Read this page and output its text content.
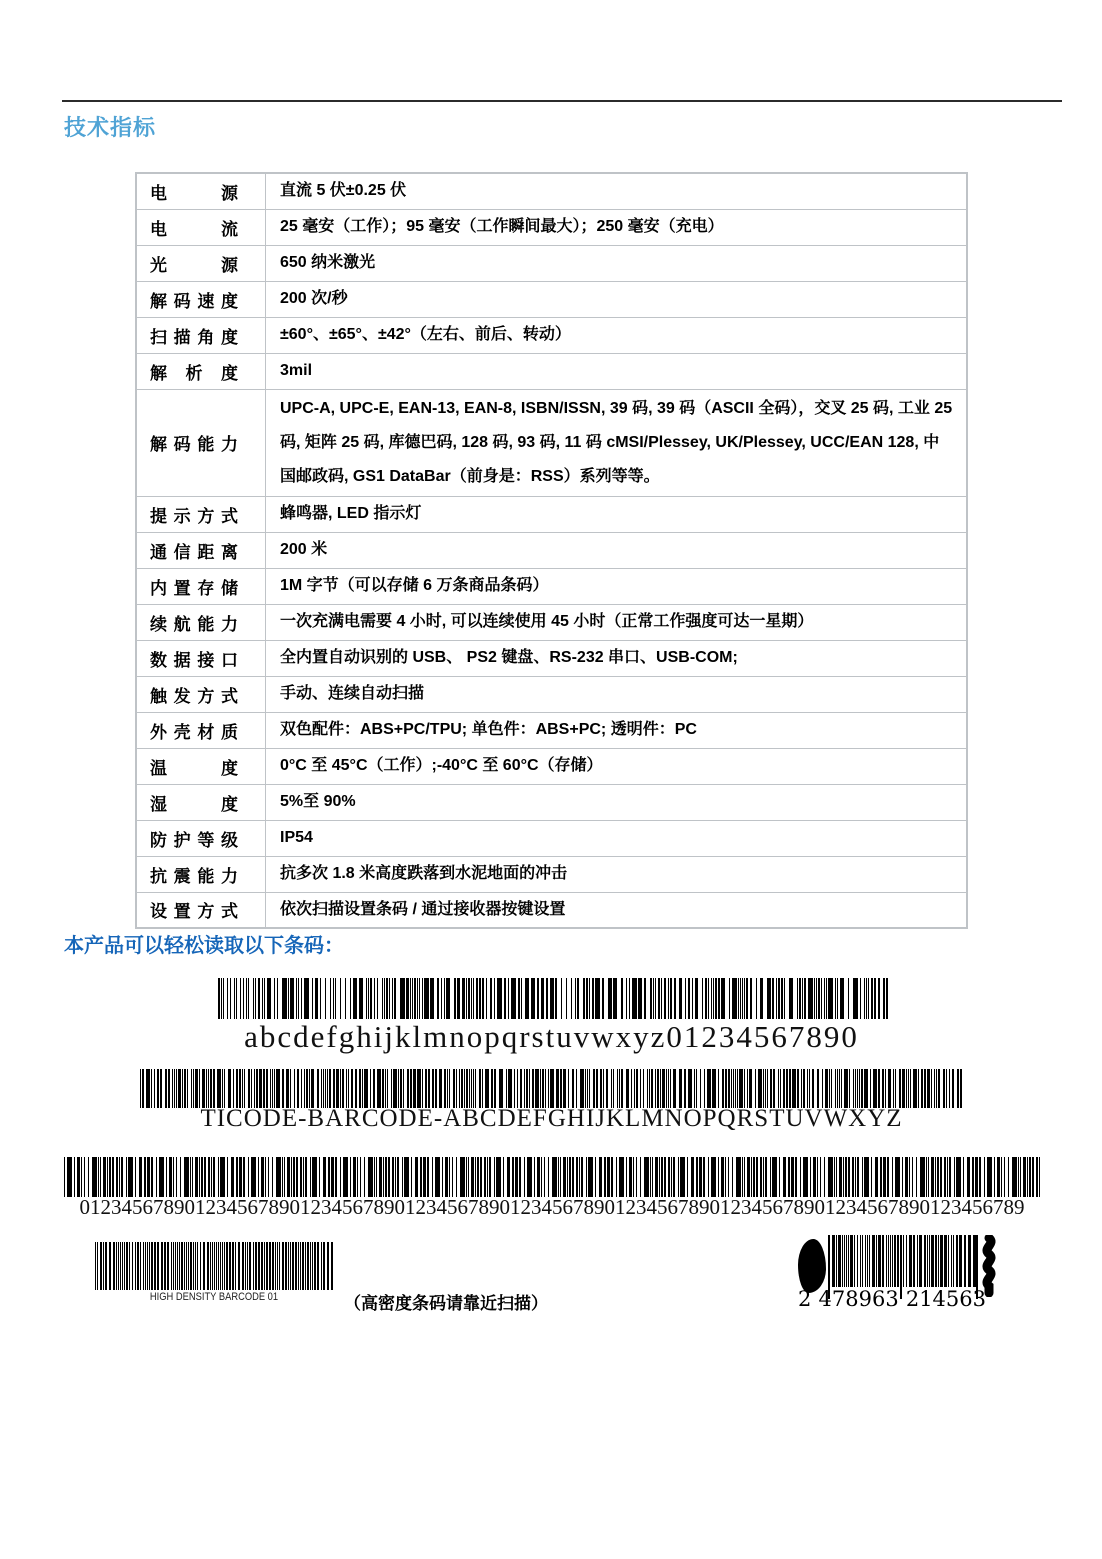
技术指标
电 源	直流 5 伏±0.25 伏

电 流	25 毫安（工作）；95 毫安（工作瞬间最大）；250 毫安（充电）

光 源	650 纳米激光

解码速度	200 次/秒

扫描角度	±60°、±65°、±42°（左右、前后、转动）

解 析 度	3mil

解码能力	UPC-A, UPC-E, EAN-13, EAN-8, ISBN/ISSN, 39 码, 39 码（ASCII 全码），交叉 25 码, 工业 25 码, 矩阵 25 码, 库德巴码, 128 码, 93 码, 11 码 cMSI/Plessey, UK/Plessey, UCC/EAN 128, 中国邮政码, GS1 DataBar（前身是：RSS）系列等等。

提示方式	蜂鸣器, LED 指示灯

通信距离	200 米

内置存储	1M 字节（可以存储 6 万条商品条码）

续航能力	一次充满电需要 4 小时, 可以连续使用 45 小时（正常工作强度可达一星期）

数据接口	全内置自动识别的 USB、 PS2 键盘、RS-232 串口、USB-COM;

触发方式	手动、连续自动扫描

外壳材质	双色配件：ABS+PC/TPU; 单色件：ABS+PC; 透明件：PC

温 度	0°C 至 45°C（工作）;-40°C 至 60°C（存储）

湿 度	5%至 90%

防护等级	IP54

抗震能力	抗多次 1.8 米高度跌落到水泥地面的冲击

设置方式	依次扫描设置条码 / 通过接收器按键设置
本产品可以轻松读取以下条码：
abcdefghijklmnopqrstuvwxyz01234567890
TICODE-BARCODE-ABCDEFGHIJKLMNOPQRSTUVWXYZ
012345678901234567890123456789012345678901234567890123456789012345678901234567890123456789
HIGH DENSITY BARCODE 01	（高密度条码请靠近扫描）	2 478963 214563
